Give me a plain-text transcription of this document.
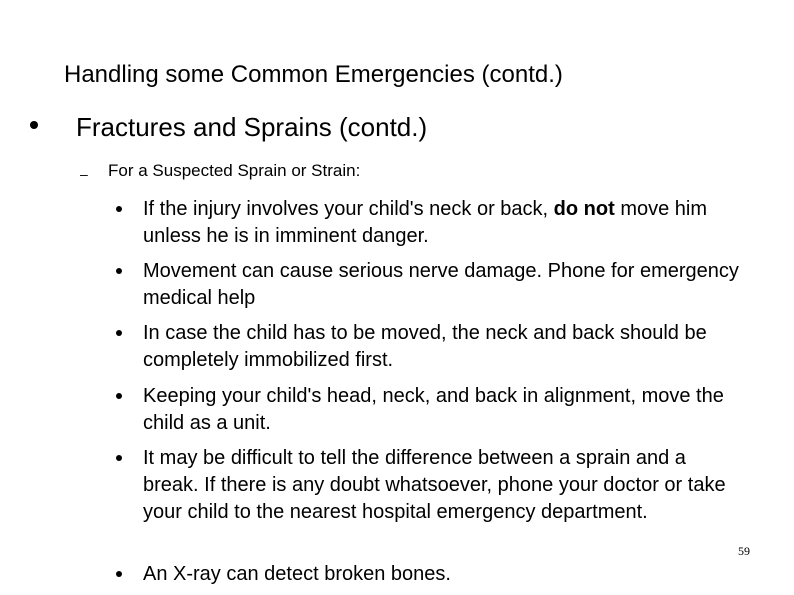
Handling some Common Emergencies (contd.)
Fractures and Sprains (contd.)
– For a Suspected Sprain or Strain:
If the injury involves your child's neck or back, do not move him unless he is in imminent danger.
Movement can cause serious nerve damage. Phone for emergency medical help
In case the child has to be moved, the neck and back should be completely immobilized first.
Keeping your child's head, neck, and back in alignment, move the child as a unit.
It may be difficult to tell the difference between a sprain and a break. If there is any doubt whatsoever, phone your doctor or take your child to the nearest hospital emergency department.
An X-ray can detect broken bones.
59
